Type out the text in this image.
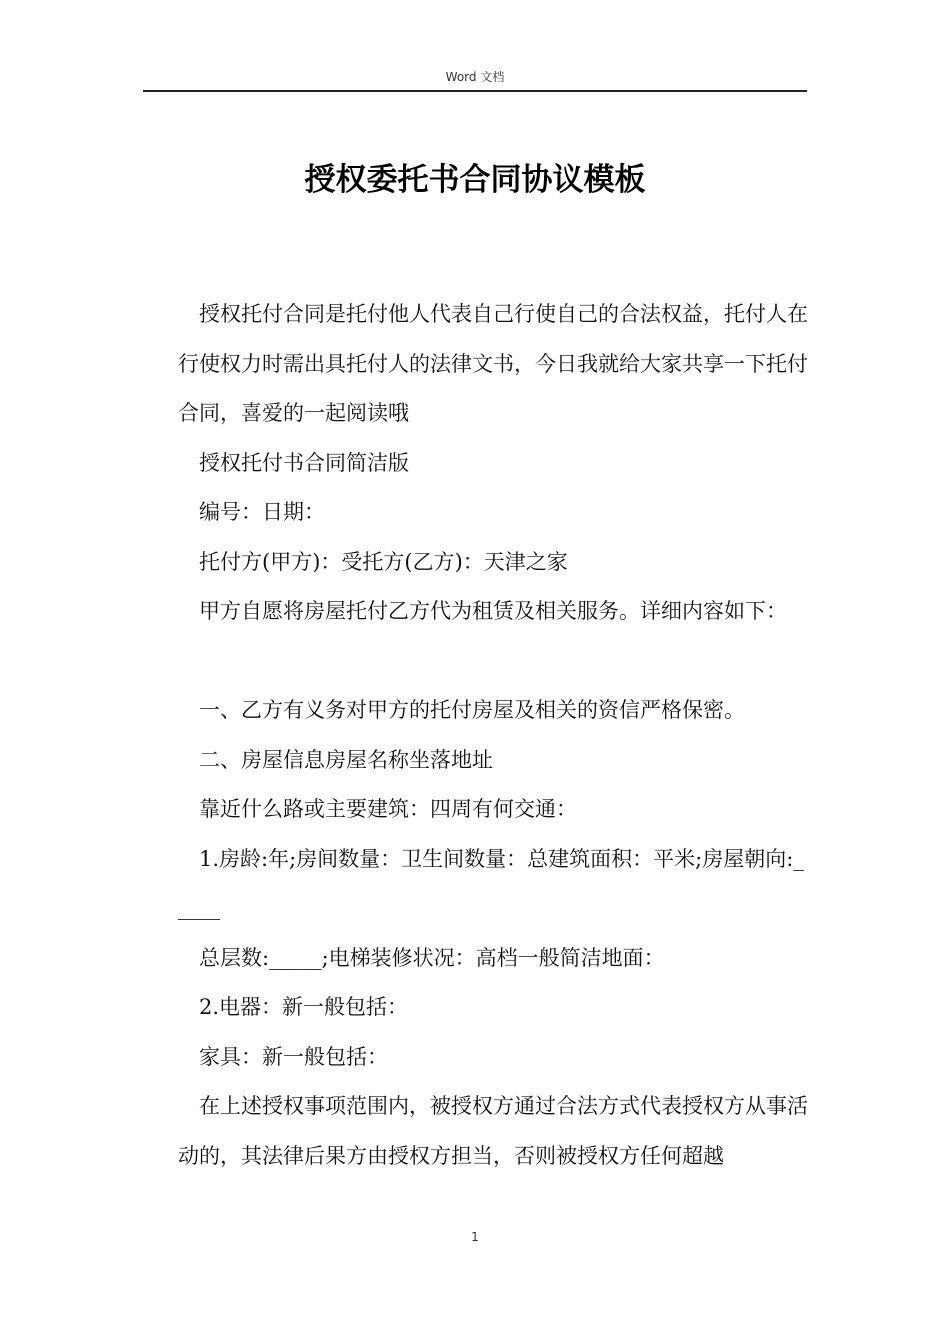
Word 文档
授权委托书合同协议模板

授权托付合同是托付他人代表自己行使自己的合法权益，托付人在行使权力时需出具托付人的法律文书，今日我就给大家共享一下托付合同，喜爱的一起阅读哦

授权托付书合同简洁版

编号：日期：

托付方(甲方)：受托方(乙方)：天津之家

甲方自愿将房屋托付乙方代为租赁及相关服务。详细内容如下：

一、乙方有义务对甲方的托付房屋及相关的资信严格保密。

二、房屋信息房屋名称坐落地址

靠近什么路或主要建筑：四周有何交通：

1.房龄:年;房间数量：卫生间数量：总建筑面积：平米;房屋朝向:_____

总层数:_____;电梯装修状况：高档一般简洁地面：

2.电器：新一般包括：

家具：新一般包括：

在上述授权事项范围内，被授权方通过合法方式代表授权方从事活动的，其法律后果方由授权方担当，否则被授权方任何超越

1
